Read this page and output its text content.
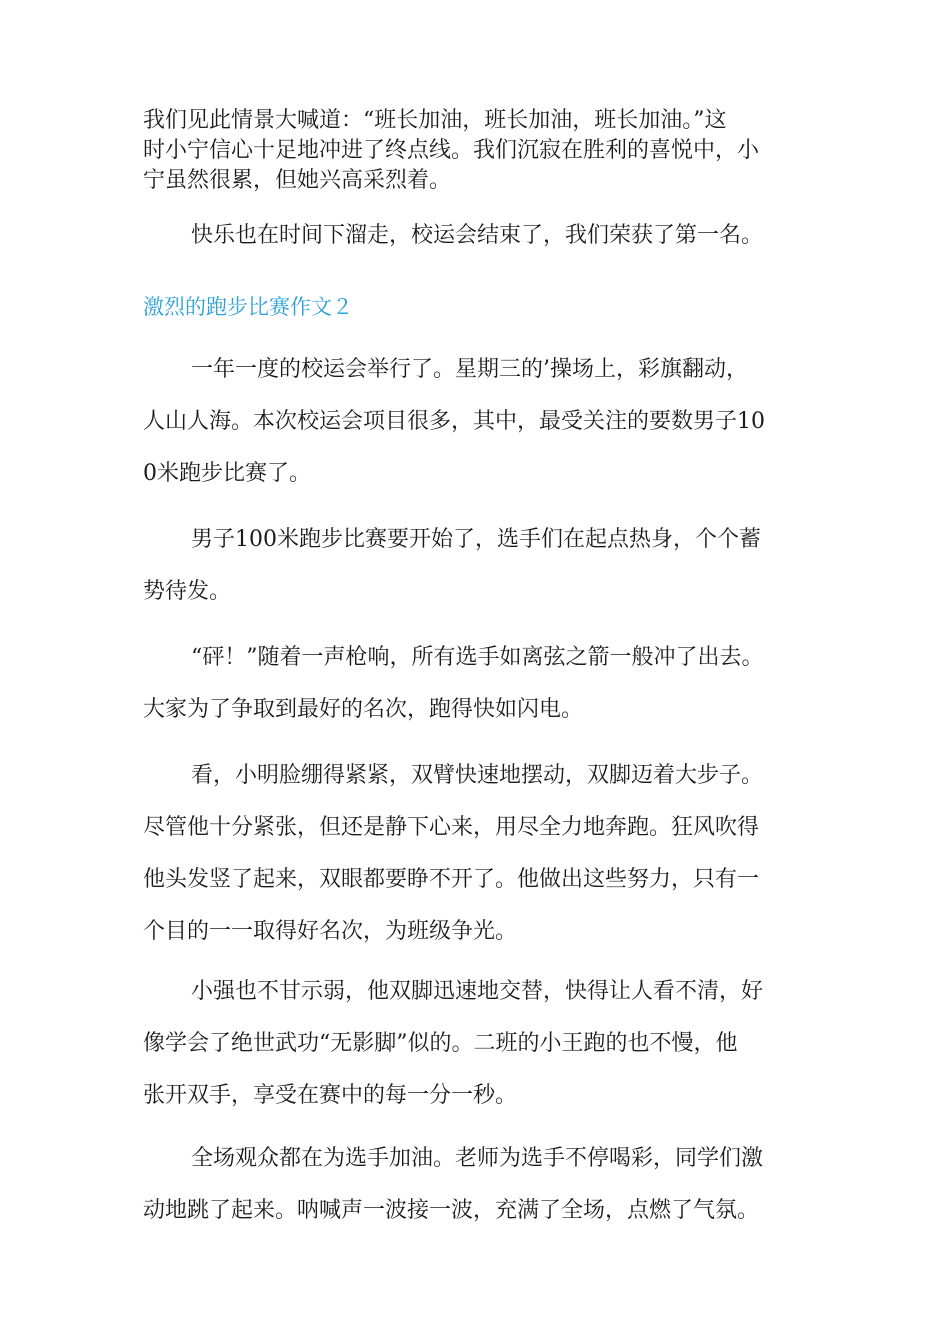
我们见此情景大喊道：“班长加油，班长加油，班长加油。”这
时小宁信心十足地冲进了终点线。我们沉寂在胜利的喜悦中，小
宁虽然很累，但她兴高采烈着。

快乐也在时间下溜走，校运会结束了，我们荣获了第一名。

激烈的跑步比赛作文２

一年一度的校运会举行了。星期三的’操场上，彩旗翻动，
人山人海。本次校运会项目很多，其中，最受关注的要数男子10
0米跑步比赛了。

男子100米跑步比赛要开始了，选手们在起点热身，个个蓄
势待发。

“砰！”随着一声枪响，所有选手如离弦之箭一般冲了出去。
大家为了争取到最好的名次，跑得快如闪电。

看，小明脸绷得紧紧，双臂快速地摆动，双脚迈着大步子。
尽管他十分紧张，但还是静下心来，用尽全力地奔跑。狂风吹得
他头发竖了起来，双眼都要睁不开了。他做出这些努力，只有一
个目的一一取得好名次，为班级争光。

小强也不甘示弱，他双脚迅速地交替，快得让人看不清，好
像学会了绝世武功“无影脚”似的。二班的小王跑的也不慢，他
张开双手，享受在赛中的每一分一秒。

全场观众都在为选手加油。老师为选手不停喝彩，同学们激
动地跳了起来。呐喊声一波接一波，充满了全场，点燃了气氛。
